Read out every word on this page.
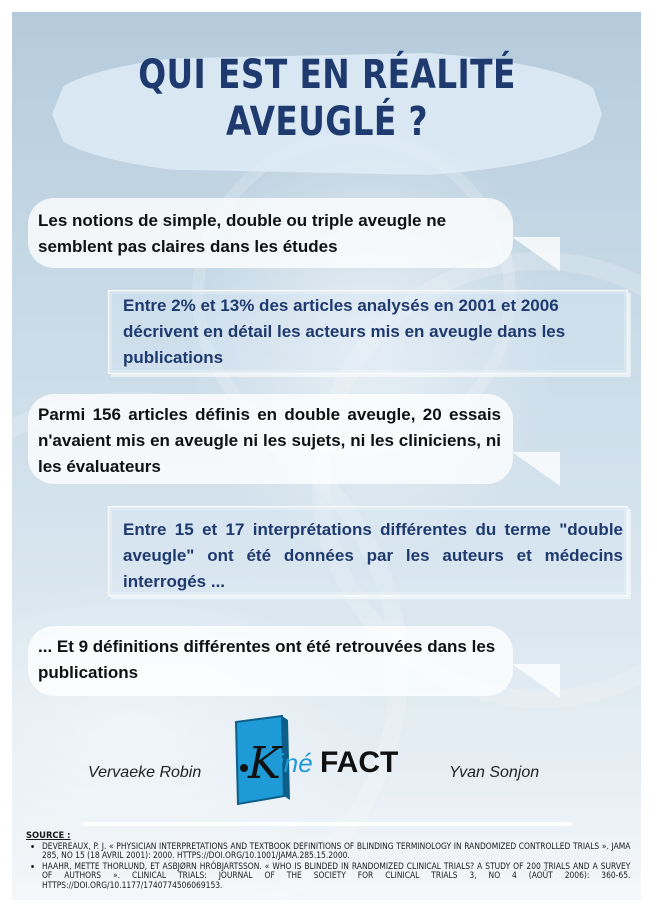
QUI EST EN RÉALITÉ
AVEUGLÉ ?
Les notions de simple, double ou triple aveugle ne semblent pas claires dans les études
Entre 2% et 13% des articles analysés en 2001 et 2006 décrivent en détail les acteurs mis en aveugle dans les publications
Parmi 156 articles définis en double aveugle, 20 essais n'avaient mis en aveugle ni les sujets, ni les cliniciens, ni les évaluateurs
Entre 15 et 17 interprétations différentes du terme "double aveugle" ont été données par les auteurs et médecins interrogés ...
... Et 9 définitions différentes ont été retrouvées dans les publications
Vervaeke Robin	Yvan Sonjon
K
iné FACT
SOURCE :
• DEVEREAUX, P. J. « PHYSICIAN INTERPRETATIONS AND TEXTBOOK DEFINITIONS OF BLINDING TERMINOLOGY IN RANDOMIZED CONTROLLED TRIALS ». JAMA 285, NO 15 (18 AVRIL 2001): 2000. HTTPS://DOI.ORG/10.1001/JAMA.285.15.2000.
• HAAHR, METTE THORLUND, ET ASBJØRN HRÓBJARTSSON. « WHO IS BLINDED IN RANDOMIZED CLINICAL TRIALS? A STUDY OF 200 TRIALS AND A SURVEY OF AUTHORS ». CLINICAL TRIALS: JOURNAL OF THE SOCIETY FOR CLINICAL TRIALS 3, NO 4 (AOÛT 2006): 360‑65. HTTPS://DOI.ORG/10.1177/1740774506069153.
